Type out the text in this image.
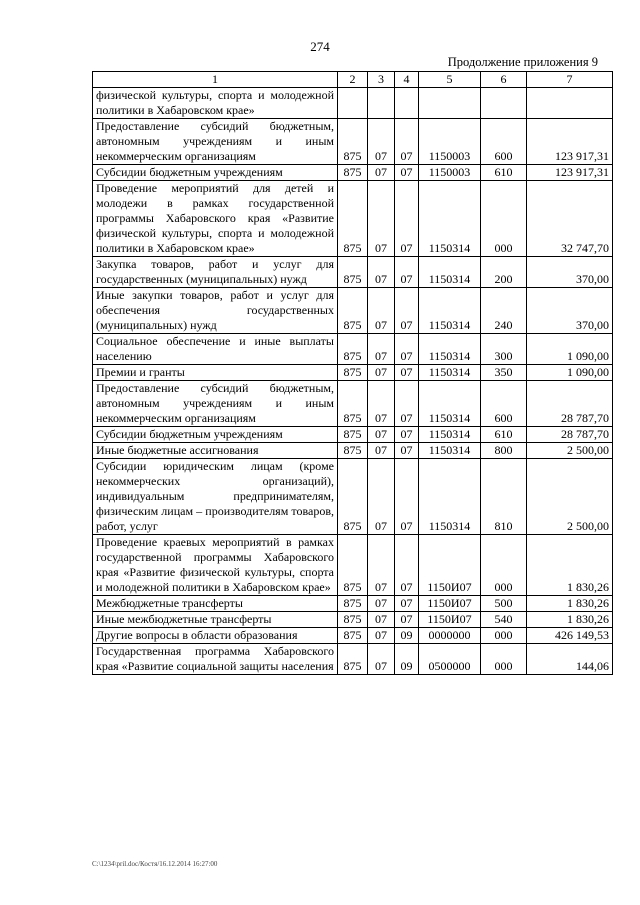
274
Продолжение приложения 9
1	2	3	4	5	6	7
физической культуры, спорта и молодежной политики в Хабаровском крае»						
Предоставление субсидий бюджетным, автономным учреждениям и иным некоммерческим организациям	875	07	07	1150003	600	123 917,31
Субсидии бюджетным учреждениям	875	07	07	1150003	610	123 917,31
Проведение мероприятий для детей и молодежи в рамках государственной программы Хабаровского края «Развитие физической культуры, спорта и молодежной политики в Хабаровском крае»	875	07	07	1150314	000	32 747,70
Закупка товаров, работ и услуг для государственных (муниципальных) нужд	875	07	07	1150314	200	370,00
Иные закупки товаров, работ и услуг для обеспечения государственных (муниципальных) нужд	875	07	07	1150314	240	370,00
Социальное обеспечение и иные выплаты населению	875	07	07	1150314	300	1 090,00
Премии и гранты	875	07	07	1150314	350	1 090,00
Предоставление субсидий бюджетным, автономным учреждениям и иным некоммерческим организациям	875	07	07	1150314	600	28 787,70
Субсидии бюджетным учреждениям	875	07	07	1150314	610	28 787,70
Иные бюджетные ассигнования	875	07	07	1150314	800	2 500,00
Субсидии юридическим лицам (кроме некоммерческих организаций), индивидуальным предпринимателям, физическим лицам – производителям товаров, работ, услуг	875	07	07	1150314	810	2 500,00
Проведение краевых мероприятий в рамках государственной программы Хабаровского края «Развитие физической культуры, спорта и молодежной политики в Хабаровском крае»	875	07	07	1150И07	000	1 830,26
Межбюджетные трансферты	875	07	07	1150И07	500	1 830,26
Иные межбюджетные трансферты	875	07	07	1150И07	540	1 830,26
Другие вопросы в области образования	875	07	09	0000000	000	426 149,53
Государственная программа Хабаровского края «Развитие социальной защиты населения	875	07	09	0500000	000	144,06
C:\1234\pril.doc/Костя/16.12.2014 16:27:00
